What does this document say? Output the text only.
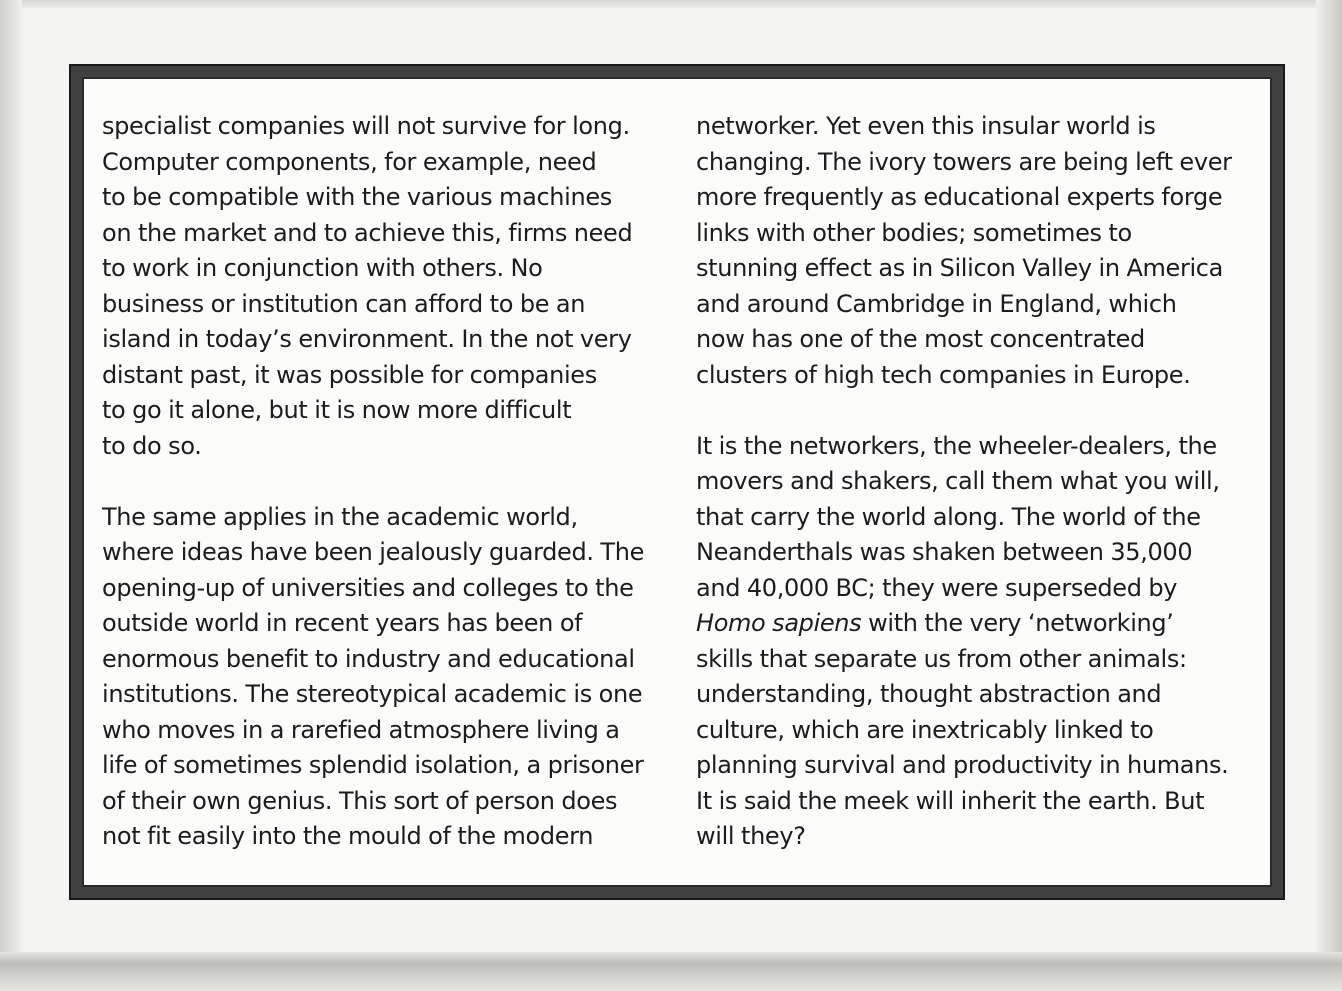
specialist companies will not survive for long.
Computer components, for example, need
to be compatible with the various machines
on the market and to achieve this, firms need
to work in conjunction with others. No
business or institution can afford to be an
island in today’s environment. In the not very
distant past, it was possible for companies
to go it alone, but it is now more difficult
to do so.
The same applies in the academic world,
where ideas have been jealously guarded. The
opening-up of universities and colleges to the
outside world in recent years has been of
enormous benefit to industry and educational
institutions. The stereotypical academic is one
who moves in a rarefied atmosphere living a
life of sometimes splendid isolation, a prisoner
of their own genius. This sort of person does
not fit easily into the mould of the modern
networker. Yet even this insular world is
changing. The ivory towers are being left ever
more frequently as educational experts forge
links with other bodies; sometimes to
stunning effect as in Silicon Valley in America
and around Cambridge in England, which
now has one of the most concentrated
clusters of high tech companies in Europe.
It is the networkers, the wheeler-dealers, the
movers and shakers, call them what you will,
that carry the world along. The world of the
Neanderthals was shaken between 35,000
and 40,000 BC; they were superseded by
Homo sapiens with the very ‘networking’
skills that separate us from other animals:
understanding, thought abstraction and
culture, which are inextricably linked to
planning survival and productivity in humans.
It is said the meek will inherit the earth. But
will they?
